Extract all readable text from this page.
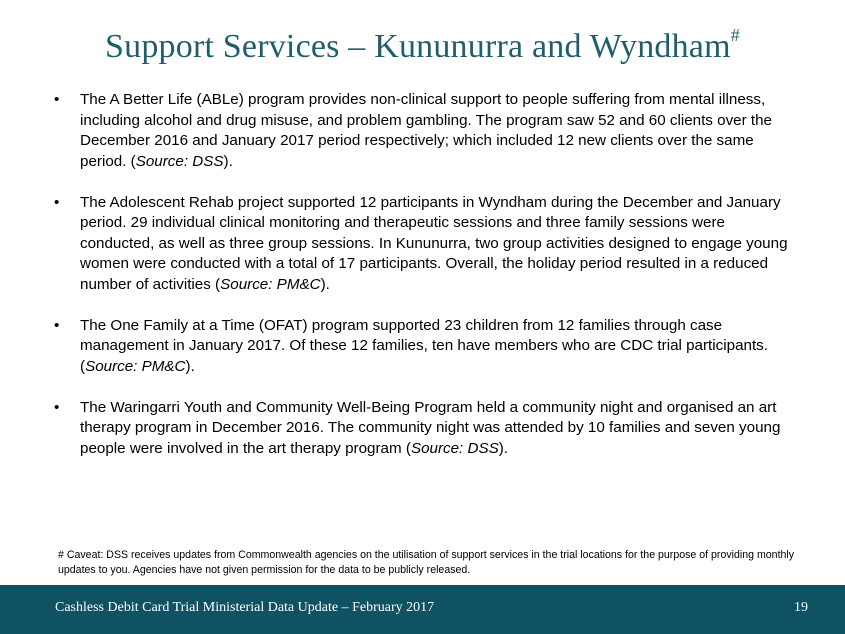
Support Services – Kununurra and Wyndham#
• The A Better Life (ABLe) program provides non-clinical support to people suffering from mental illness, including alcohol and drug misuse, and problem gambling. The program saw 52 and 60 clients over the December 2016 and January 2017 period respectively; which included 12 new clients over the same period. (Source: DSS).
• The Adolescent Rehab project supported 12 participants in Wyndham during the December and January period. 29 individual clinical monitoring and therapeutic sessions and three family sessions were conducted, as well as three group sessions. In Kununurra, two group activities designed to engage young women were conducted with a total of 17 participants. Overall, the holiday period resulted in a reduced number of activities (Source: PM&C).
• The One Family at a Time (OFAT) program supported 23 children from 12 families through case management in January 2017. Of these 12 families, ten have members who are CDC trial participants. (Source: PM&C).
• The Waringarri Youth and Community Well-Being Program held a community night and organised an art therapy program in December 2016. The community night was attended by 10 families and seven young people were involved in the art therapy program (Source: DSS).
# Caveat: DSS receives updates from Commonwealth agencies on the utilisation of support services in the trial locations for the purpose of providing monthly updates to you. Agencies have not given permission for the data to be publicly released.
Cashless Debit Card Trial Ministerial Data Update – February 2017	19
